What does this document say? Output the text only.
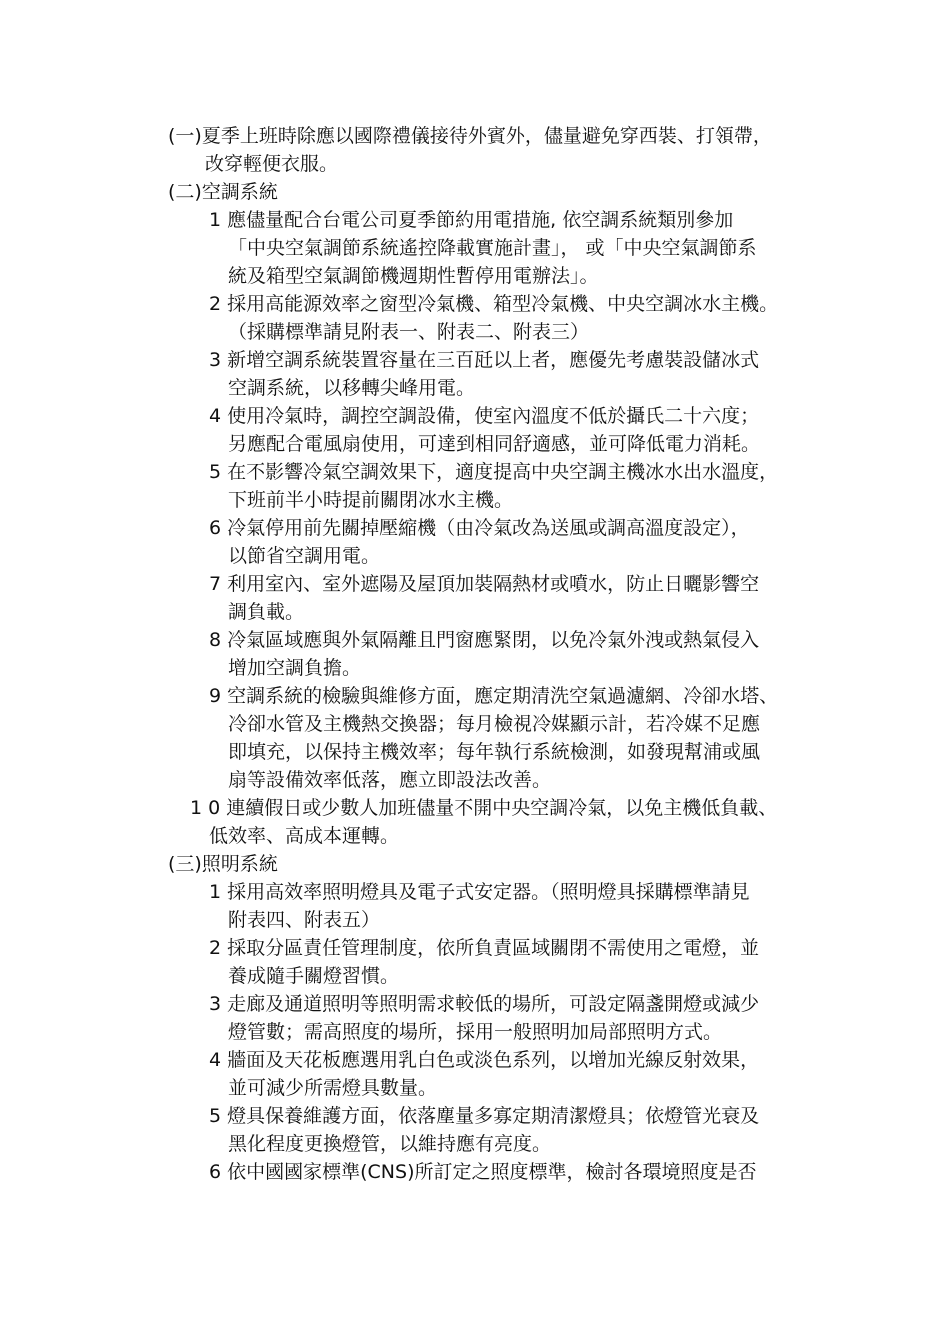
(一)夏季上班時除應以國際禮儀接待外賓外，儘量避免穿西裝、打領帶，
改穿輕便衣服。
(二)空調系統
1 應儘量配合台電公司夏季節約用電措施, 依空調系統類別參加
「中央空氣調節系統遙控降載實施計畫」， 或「中央空氣調節系
統及箱型空氣調節機週期性暫停用電辦法」。
2 採用高能源效率之窗型冷氣機、箱型冷氣機、中央空調冰水主機。
（採購標準請見附表一、附表二、附表三）
3 新增空調系統裝置容量在三百瓩以上者，應優先考慮裝設儲冰式
空調系統，以移轉尖峰用電。
4 使用冷氣時，調控空調設備，使室內溫度不低於攝氏二十六度；
另應配合電風扇使用，可達到相同舒適感，並可降低電力消耗。
5 在不影響冷氣空調效果下，適度提高中央空調主機冰水出水溫度，
下班前半小時提前關閉冰水主機。
6 冷氣停用前先關掉壓縮機（由冷氣改為送風或調高溫度設定），
以節省空調用電。
7 利用室內、室外遮陽及屋頂加裝隔熱材或噴水，防止日曬影響空
調負載。
8 冷氣區域應與外氣隔離且門窗應緊閉，以免冷氣外洩或熱氣侵入
增加空調負擔。
9 空調系統的檢驗與維修方面，應定期清洗空氣過濾網、冷卻水塔、
冷卻水管及主機熱交換器；每月檢視冷媒顯示計，若冷媒不足應
即填充，以保持主機效率；每年執行系統檢測，如發現幫浦或風
扇等設備效率低落，應立即設法改善。
1 0 連續假日或少數人加班儘量不開中央空調冷氣，以免主機低負載、
低效率、高成本運轉。
(三)照明系統
1 採用高效率照明燈具及電子式安定器。（照明燈具採購標準請見
附表四、附表五）
2 採取分區責任管理制度，依所負責區域關閉不需使用之電燈，並
養成隨手關燈習慣。
3 走廊及通道照明等照明需求較低的場所，可設定隔盞開燈或減少
燈管數；需高照度的場所，採用一般照明加局部照明方式。
4 牆面及天花板應選用乳白色或淡色系列，以增加光線反射效果，
並可減少所需燈具數量。
5 燈具保養維護方面，依落塵量多寡定期清潔燈具；依燈管光衰及
黑化程度更換燈管，以維持應有亮度。
6 依中國國家標準(CNS)所訂定之照度標準，檢討各環境照度是否
